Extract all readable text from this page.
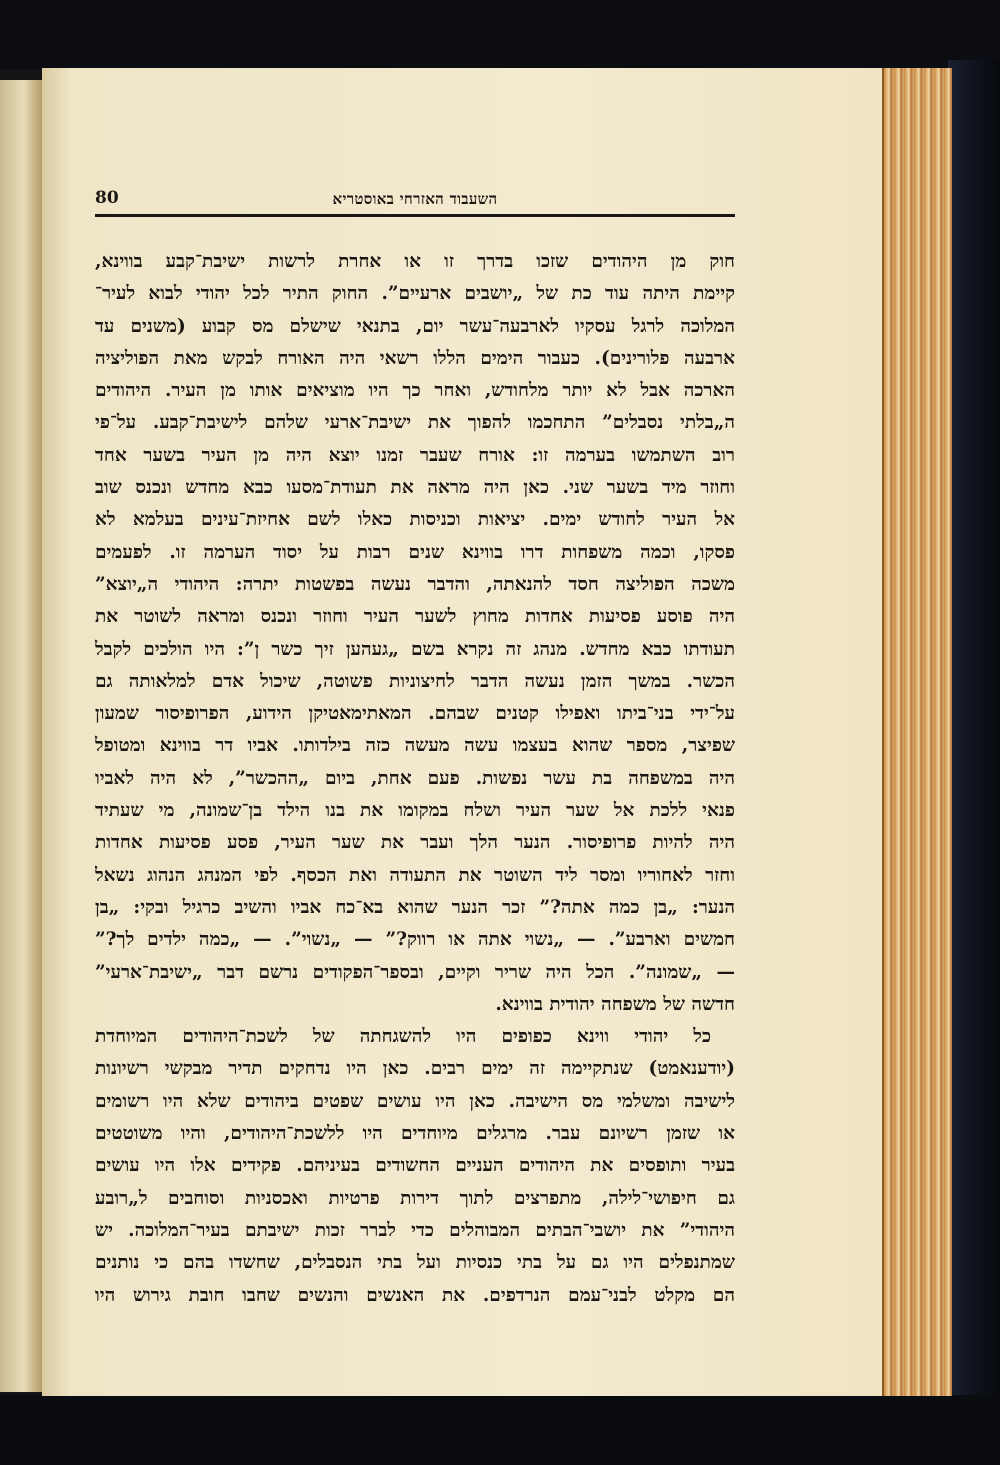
80	השעבוד האזרחי באוסטריא
חוק מן היהודים שזכו בדרך זו או אחרת לרשות ישיבת־קבע בווינא,
קיימת היתה עוד כת של „יושבים ארעיים”. החוק התיר לכל יהודי לבוא לעיר־
המלוכה לרגל עסקיו לארבעה־עשר יום, בתנאי שישלם מס קבוע (משנים עד
ארבעה פלורינים). כעבור הימים הללו רשאי היה האורח לבקש מאת הפוליציה
הארכה אבל לא יותר מלחודש, ואחר כך היו מוציאים אותו מן העיר. היהודים
ה„בלתי נסבלים” התחכמו להפוך את ישיבת־ארעי שלהם לישיבת־קבע. על־פי
רוב השתמשו בערמה זו: אורח שעבר זמנו יוצא היה מן העיר בשער אחד
וחוזר מיד בשער שני. כאן היה מראה את תעודת־מסעו כבא מחדש ונכנס שוב
אל העיר לחודש ימים. יציאות וכניסות כאלו לשם אחיזת־עינים בעלמא לא
פסקו, וכמה משפחות דרו בווינא שנים רבות על יסוד הערמה זו. לפעמים
משכה הפוליצה חסד להנאתה, והדבר נעשה בפשטות יתרה: היהודי ה„יוצא”
היה פוסע פסיעות אחדות מחוץ לשער העיר וחוזר ונכנס ומראה לשוטר את
תעודתו כבא מחדש. מנהג זה נקרא בשם „געהען זיך כשר ן”: היו הולכים לקבל
הכשר. במשך הזמן נעשה הדבר לחיצוניות פשוטה, שיכול אדם למלאותה גם
על־ידי בני־ביתו ואפילו קטנים שבהם. המאתימאטיקן הידוע, הפרופיסור שמעון
שפיצר, מספר שהוא בעצמו עשה מעשה כזה בילדותו. אביו דר בווינא ומטופל
היה במשפחה בת עשר נפשות. פעם אחת, ביום „ההכשר”, לא היה לאביו
פנאי ללכת אל שער העיר ושלח במקומו את בנו הילד בן־שמונה, מי שעתיד
היה להיות פרופיסור. הנער הלך ועבר את שער העיר, פסע פסיעות אחדות
וחזר לאחוריו ומסר ליד השוטר את התעודה ואת הכסף. לפי המנהג הנהוג נשאל
הנער: „בן כמה אתה?” זכר הנער שהוא בא־כח אביו והשיב כרגיל ובקי: „בן
חמשים וארבע”. — „נשוי אתה או רווק?” — „נשוי”. — „כמה ילדים לך?”
— „שמונה”. הכל היה שריר וקיים, ובספר־הפקודים נרשם דבר „ישיבת־ארעי”
חדשה של משפחה יהודית בווינא.
כל יהודי ווינא כפופים היו להשגחתה של לשכת־היהודים המיוחדת
(יודענאמט) שנתקיימה זה ימים רבים. כאן היו נדחקים תדיר מבקשי רשיונות
לישיבה ומשלמי מס הישיבה. כאן היו עושים שפטים ביהודים שלא היו רשומים
או שזמן רשיונם עבר. מרגלים מיוחדים היו ללשכת־היהודים, והיו משוטטים
בעיר ותופסים את היהודים העניים החשודים בעיניהם. פקידים אלו היו עושים
גם חיפושי־לילה, מתפרצים לתוך דירות פרטיות ואכסניות וסוחבים ל„רובע
היהודי” את יושבי־הבתים המבוהלים כדי לברר זכות ישיבתם בעיר־המלוכה. יש
שמתנפלים היו גם על בתי כנסיות ועל בתי הנסבלים, שחשדו בהם כי נותנים
הם מקלט לבני־עמם הנרדפים. את האנשים והנשים שחבו חובת גירוש היו
